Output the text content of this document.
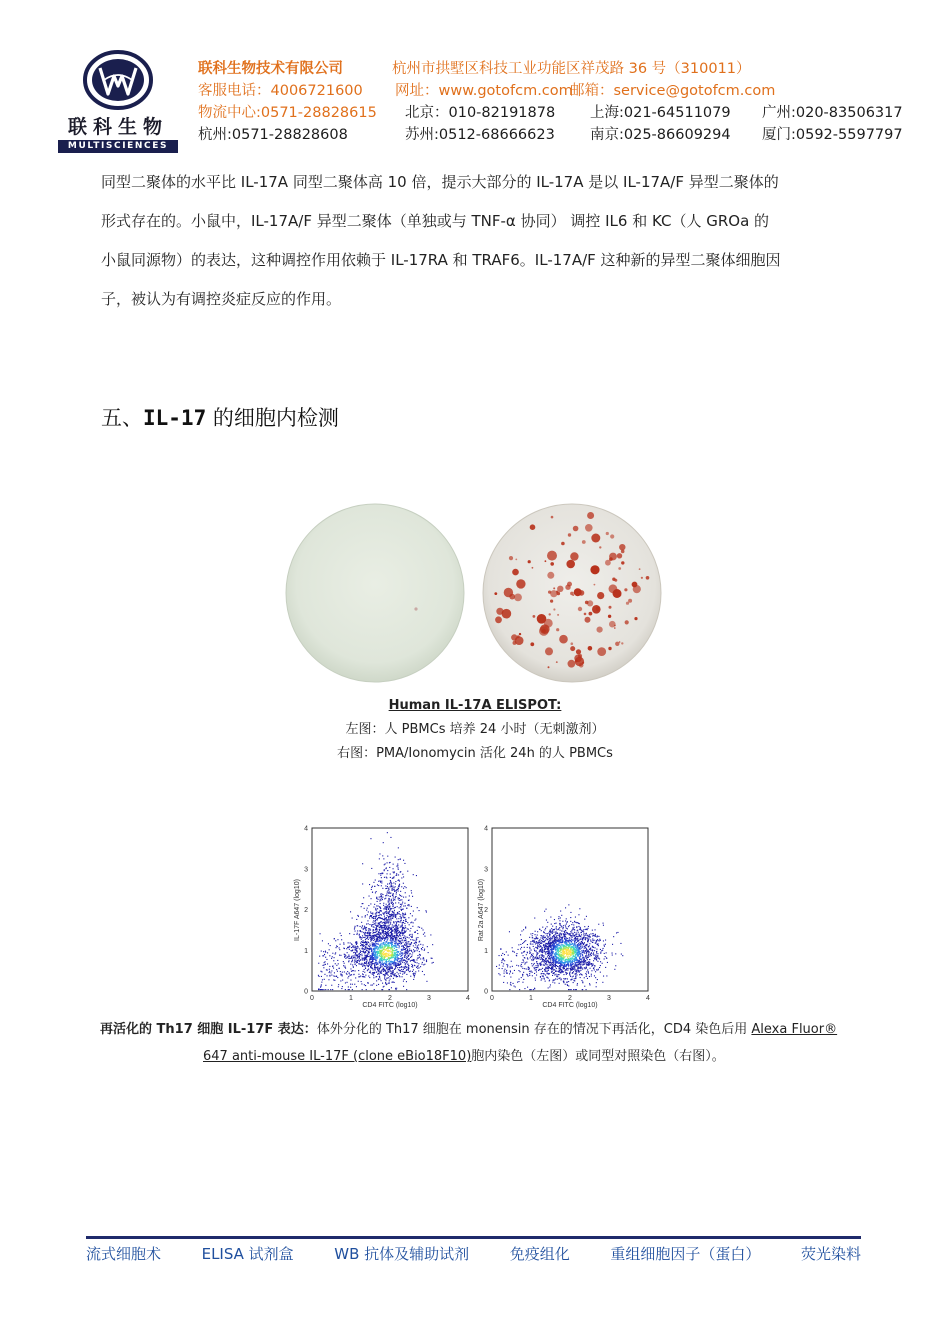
联科生物
MULTISCIENCES
联科生物技术有限公司	杭州市拱墅区科技工业功能区祥茂路 36 号（310011）
客服电话：4006721600 网址：www.gotofcm.com
邮箱：service@gotofcm.com
物流中心:0571-28828615 北京：010-82191878 上海:021-64511079 广州:020-83506317
杭州:0571-28828608	苏州:0512-68666623 南京:025-86609294 厦门:0592-5597797

同型二聚体的水平比 IL-17A 同型二聚体高 10 倍，提示大部分的 IL-17A 是以 IL-17A/F 异型二聚体的

形式存在的。小鼠中，IL-17A/F 异型二聚体（单独或与 TNF-α 协同） 调控 IL6 和 KC（人 GROa 的

小鼠同源物）的表达，这种调控作用依赖于 IL-17RA 和 TRAF6。IL-17A/F 这种新的异型二聚体细胞因

子，被认为有调控炎症反应的作用。

五、IL-17 的细胞内检测
Human IL-17A ELISPOT:
左图：人 PBMCs 培养 24 小时（无刺激剂）
右图：PMA/Ionomycin 活化 24h 的人 PBMCs
0
0
1
1
2
2
3
3
4
4
CD4 FITC (log10)
IL-17F A647 (log10)
0
0
1
1
2
2
3
3
4
4
CD4 FITC (log10)
Rat 2a A647 (log10)

再活化的 Th17 细胞 IL-17F 表达：体外分化的 Th17 细胞在 monensin 存在的情况下再活化，CD4 染色后用 Alexa Fluor®

647 anti-mouse IL-17F (clone eBio18F10)胞内染色（左图）或同型对照染色（右图）。

流式细胞术	ELISA 试剂盒	WB 抗体及辅助试剂	免疫组化	重组细胞因子（蛋白）	荧光染料
